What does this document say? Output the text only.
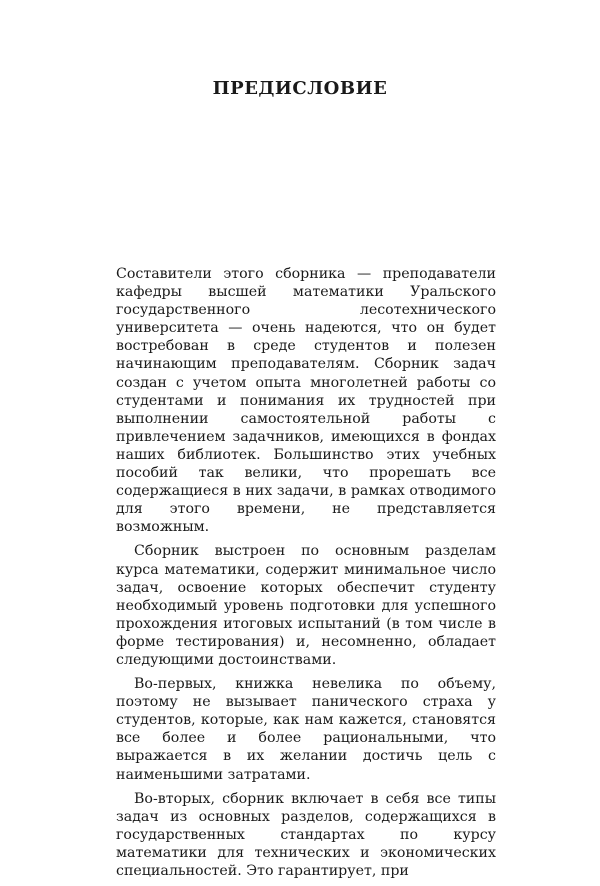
ПРЕДИСЛОВИЕ

Составители этого сборника — преподаватели кафедры высшей математики Уральского государственного лесотехнического университета — очень надеются, что он будет востребован в среде студентов и полезен начинающим преподавателям. Сборник задач создан с учетом опыта многолетней работы со студентами и понимания их трудностей при выполнении самостоятельной работы с привлечением задачников, имеющихся в фондах наших библиотек. Большинство этих учебных пособий так велики, что прорешать все содержащиеся в них задачи, в рамках отводимого для этого времени, не представляется возможным.

Сборник выстроен по основным разделам курса математики, содержит минимальное число задач, освоение которых обеспечит студенту необходимый уровень подготовки для успешного прохождения итоговых испытаний (в том числе в форме тестирования) и, несомненно, обладает следующими достоинствами.

Во-первых, книжка невелика по объему, поэтому не вызывает панического страха у студентов, которые, как нам кажется, становятся все более и более рациональными, что выражается в их желании достичь цель с наименьшими затратами.

Во-вторых, сборник включает в себя все типы задач из основных разделов, содержащихся в государственных стандартах по курсу математики для технических и экономических специальностей. Это гарантирует, при
